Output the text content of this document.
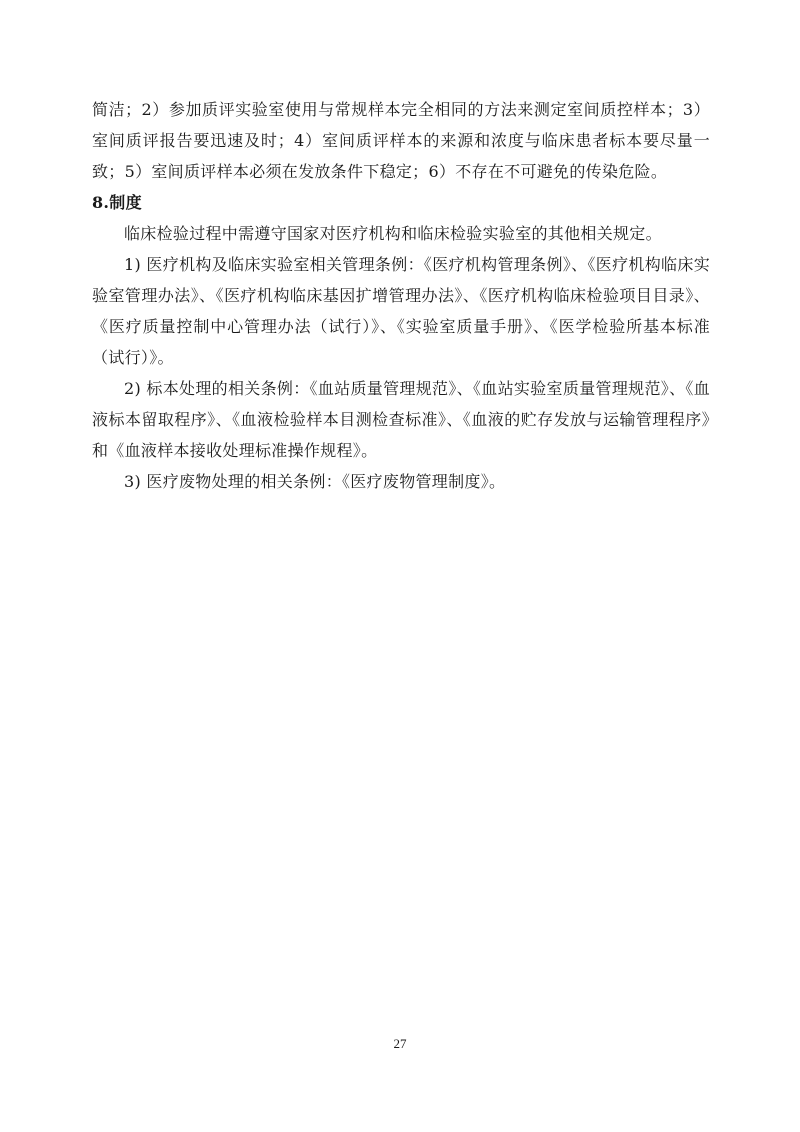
简洁；2）参加质评实验室使用与常规样本完全相同的方法来测定室间质控样本；3）室间质评报告要迅速及时；4）室间质评样本的来源和浓度与临床患者标本要尽量一致；5）室间质评样本必须在发放条件下稳定；6）不存在不可避免的传染危险。

8.制度

临床检验过程中需遵守国家对医疗机构和临床检验实验室的其他相关规定。

1) 医疗机构及临床实验室相关管理条例：《医疗机构管理条例》、《医疗机构临床实验室管理办法》、《医疗机构临床基因扩增管理办法》、《医疗机构临床检验项目目录》、《医疗质量控制中心管理办法（试行）》、《实验室质量手册》、《医学检验所基本标准（试行）》。

2) 标本处理的相关条例：《血站质量管理规范》、《血站实验室质量管理规范》、《血液标本留取程序》、《血液检验样本目测检查标准》、《血液的贮存发放与运输管理程序》和《血液样本接收处理标准操作规程》。

3) 医疗废物处理的相关条例：《医疗废物管理制度》。

27
